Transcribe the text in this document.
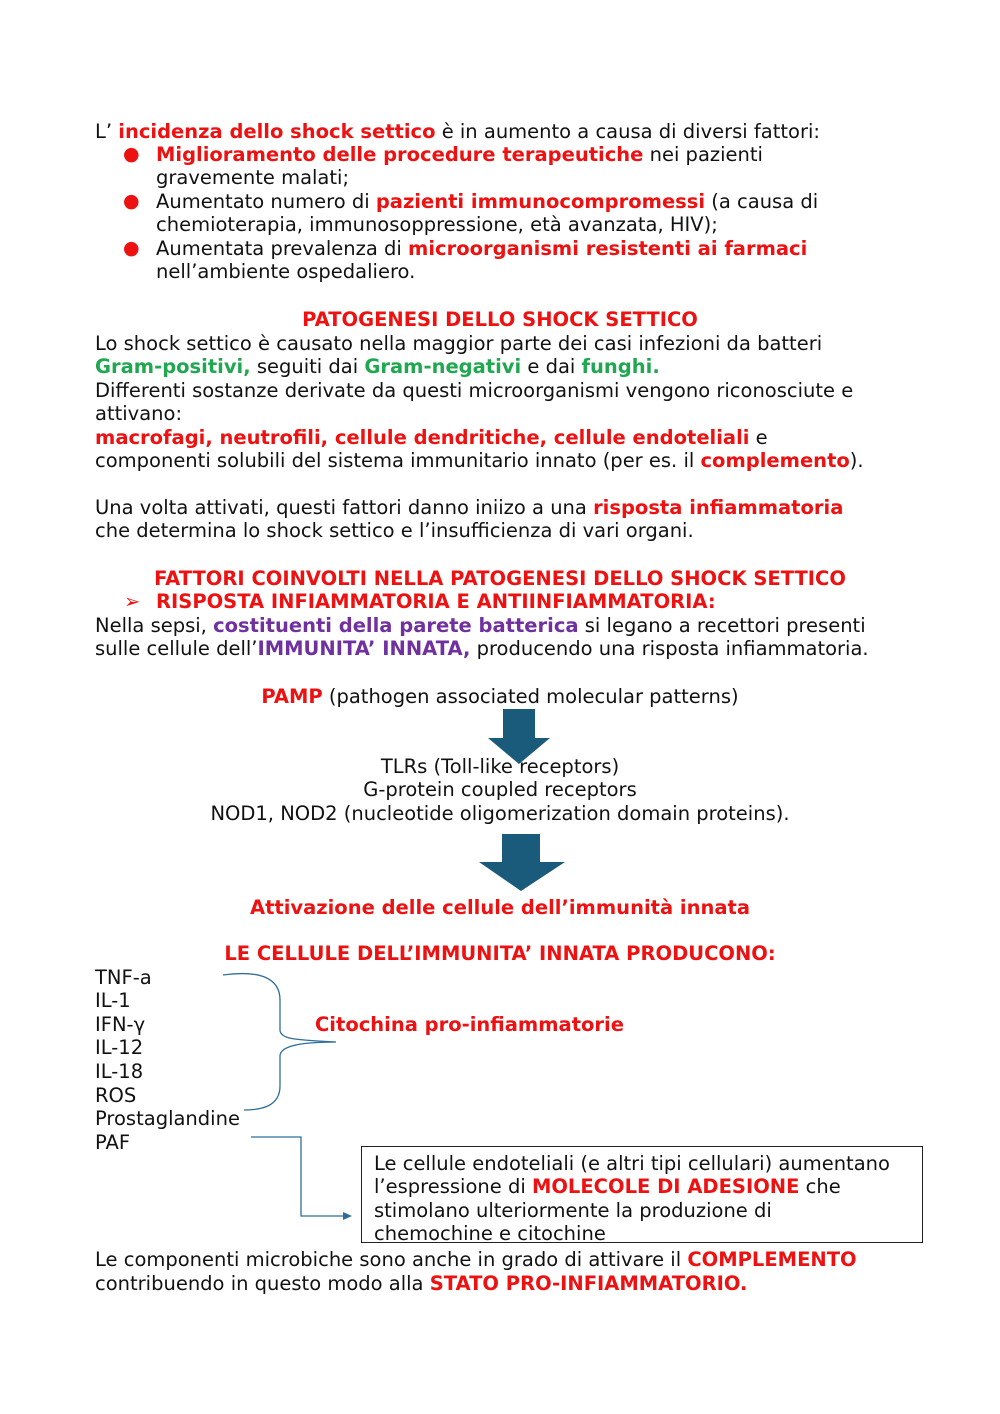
L’ incidenza dello shock settico è in aumento a causa di diversi fattori:
● Miglioramento delle procedure terapeutiche nei pazienti
gravemente malati;
● Aumentato numero di pazienti immunocompromessi (a causa di
chemioterapia, immunosoppressione, età avanzata, HIV);
● Aumentata prevalenza di microorganismi resistenti ai farmaci
nell’ambiente ospedaliero.
PATOGENESI DELLO SHOCK SETTICO
Lo shock settico è causato nella maggior parte dei casi infezioni da batteri
Gram-positivi, seguiti dai Gram-negativi e dai funghi.
Differenti sostanze derivate da questi microorganismi vengono riconosciute e
attivano:
macrofagi, neutrofili, cellule dendritiche, cellule endoteliali e
componenti solubili del sistema immunitario innato (per es. il complemento).
Una volta attivati, questi fattori danno iniizo a una risposta infiammatoria
che determina lo shock settico e l’insufficienza di vari organi.
FATTORI COINVOLTI NELLA PATOGENESI DELLO SHOCK SETTICO
➢ RISPOSTA INFIAMMATORIA E ANTIINFIAMMATORIA:
Nella sepsi, costituenti della parete batterica si legano a recettori presenti
sulle cellule dell’IMMUNITA’ INNATA, producendo una risposta infiammatoria.
PAMP (pathogen associated molecular patterns)
TLRs (Toll-like receptors)
G-protein coupled receptors
NOD1, NOD2 (nucleotide oligomerization domain proteins).
Attivazione delle cellule dell’immunità innata
LE CELLULE DELL’IMMUNITA’ INNATA PRODUCONO:
TNF-a
IL-1
IFN-γ
IL-12
IL-18
ROS
Prostaglandine
PAF
Citochina pro-infiammatorie
Le cellule endoteliali (e altri tipi cellulari) aumentano
l’espressione di MOLECOLE DI ADESIONE che
stimolano ulteriormente la produzione di
chemochine e citochine
Le componenti microbiche sono anche in grado di attivare il COMPLEMENTO
contribuendo in questo modo alla STATO PRO-INFIAMMATORIO.
